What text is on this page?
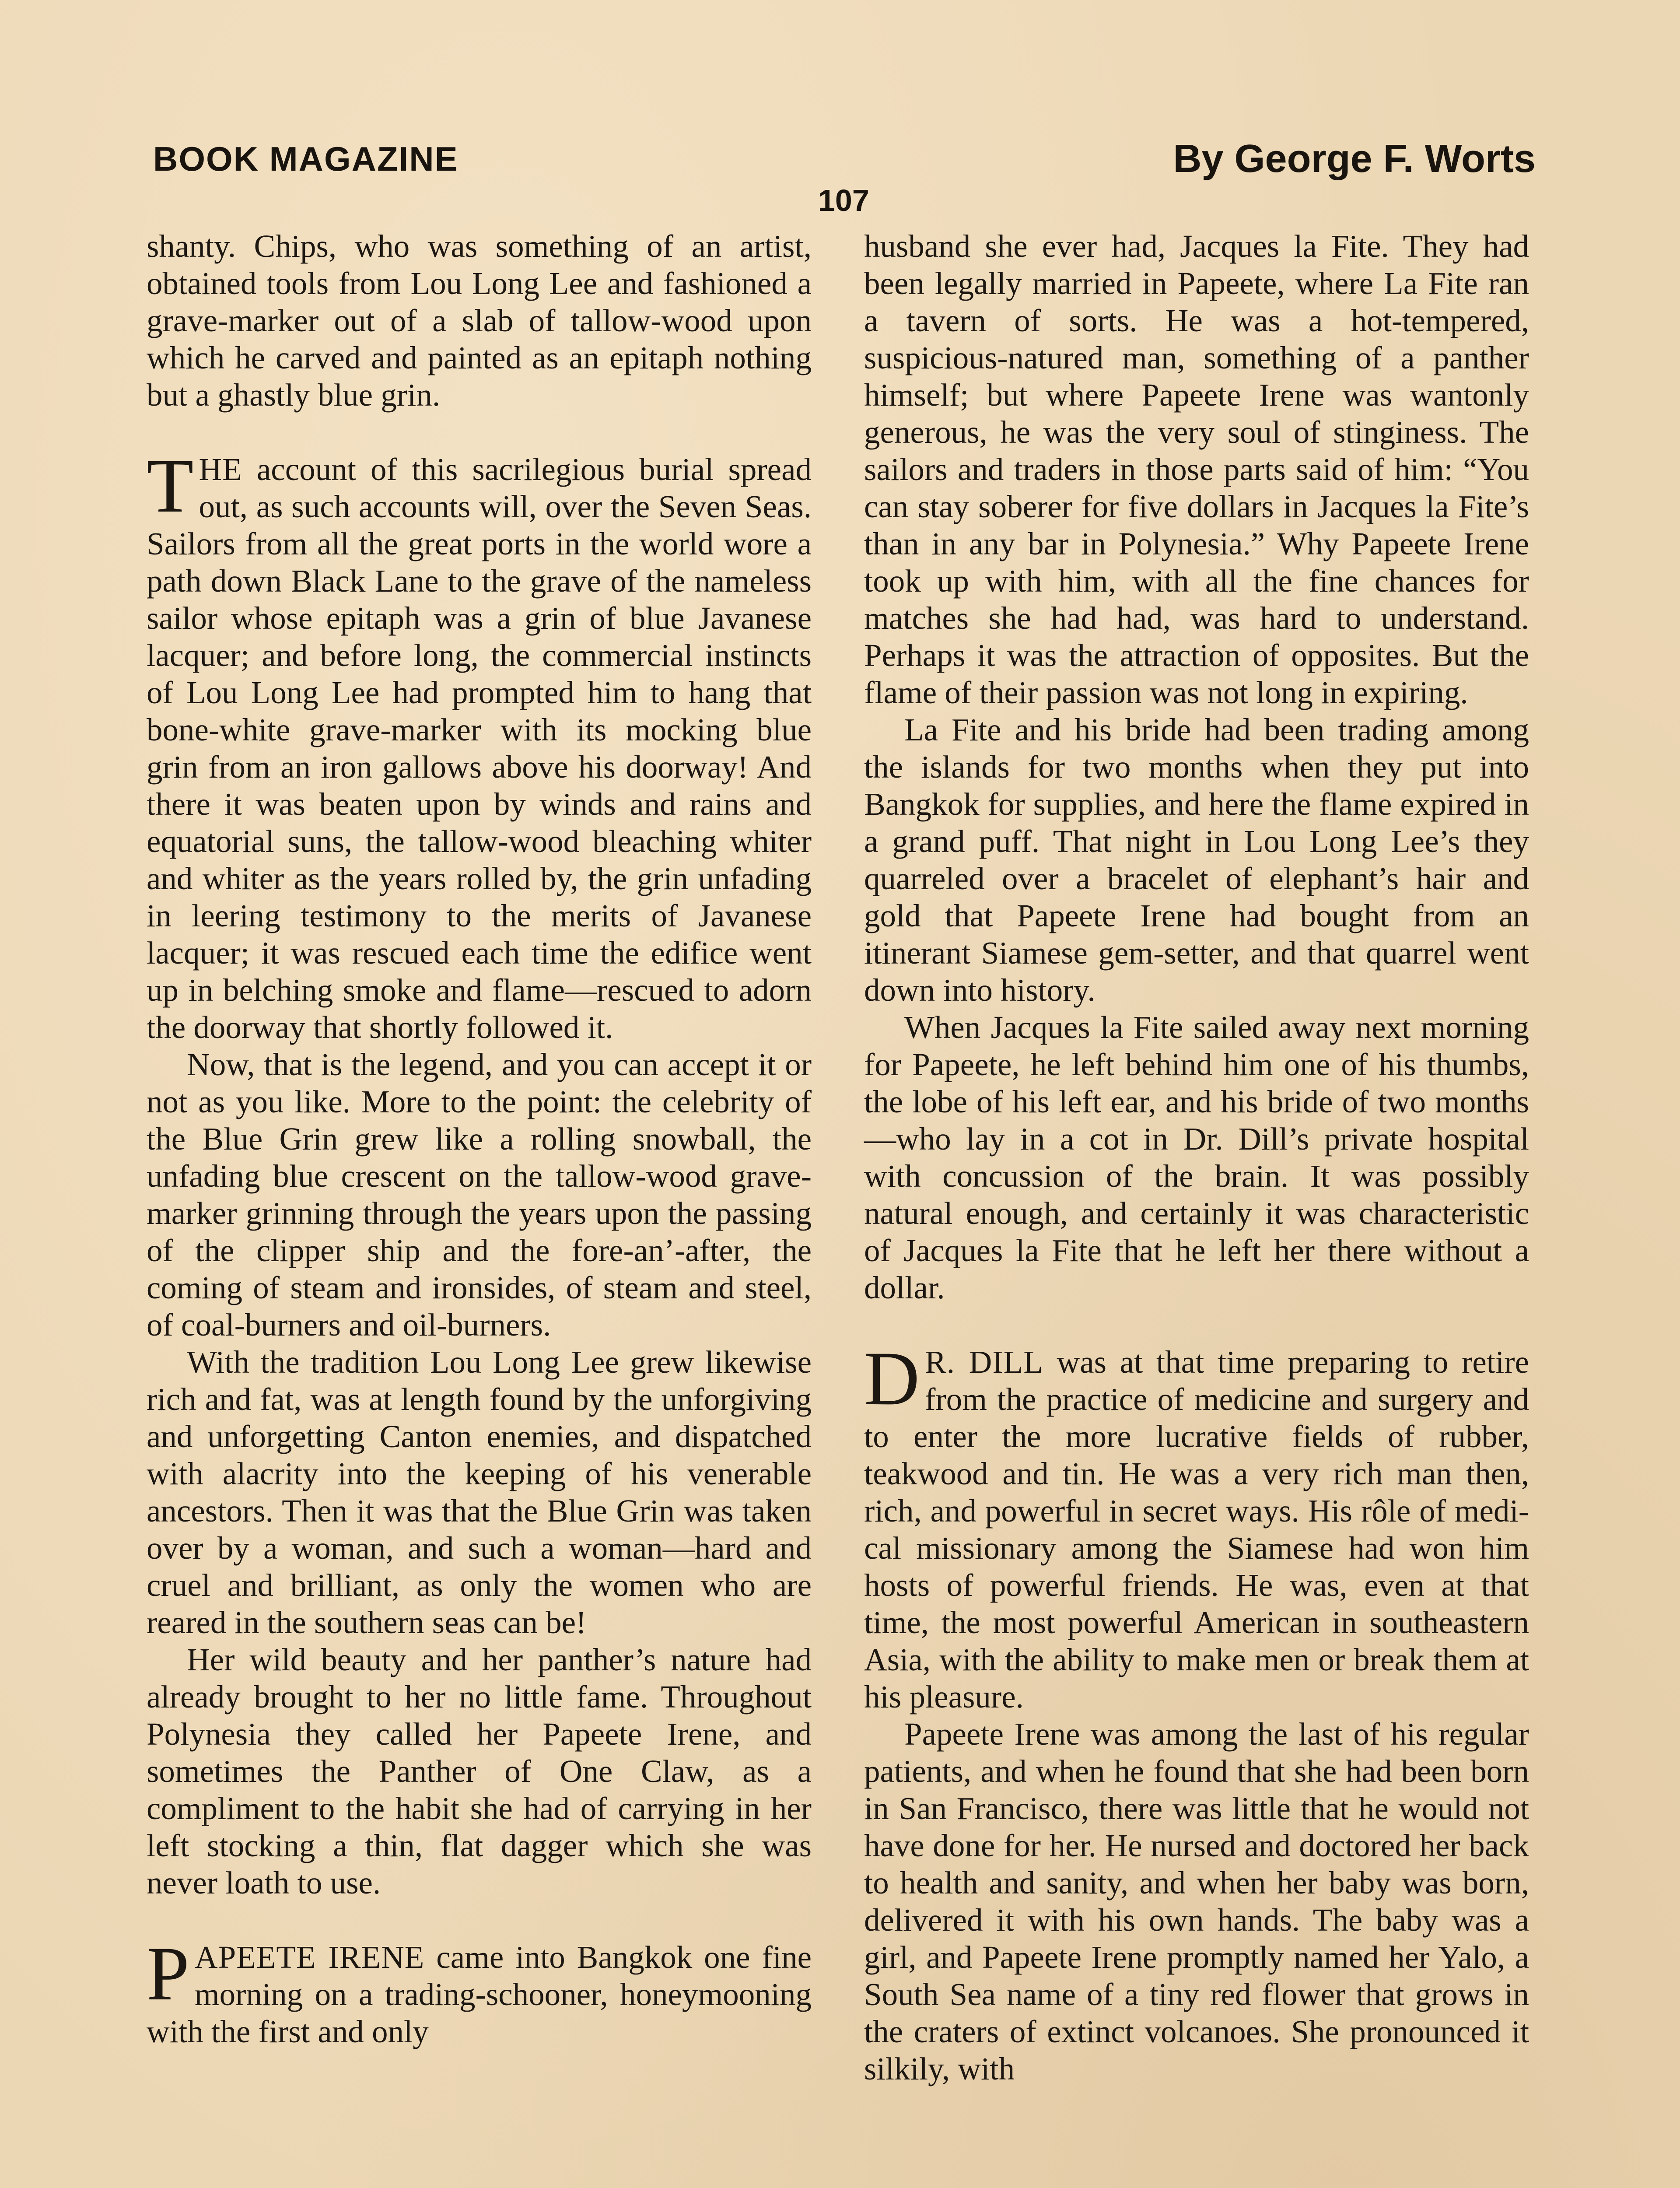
BOOK MAGAZINE	By George F. Worts
107

shanty. Chips, who was something of an artist, obtained tools from Lou Long Lee and fashioned a grave-marker out of a slab of tallow-wood upon which he carved and painted as an epitaph nothing but a ghastly blue grin.

THE account of this sacrilegious burial spread out, as such accounts will, over the Seven Seas. Sailors from all the great ports in the world wore a path down Black Lane to the grave of the nameless sailor whose epitaph was a grin of blue Javanese lacquer; and before long, the commercial instincts of Lou Long Lee had prompted him to hang that bone-white grave-marker with its mocking blue grin from an iron gallows above his doorway! And there it was beaten upon by winds and rains and equatorial suns, the tallow-wood bleaching whiter and whiter as the years rolled by, the grin unfading in leering testimony to the merits of Javanese lacquer; it was rescued each time the edifice went up in belching smoke and flame—rescued to adorn the doorway that shortly followed it.

Now, that is the legend, and you can accept it or not as you like. More to the point: the celebrity of the Blue Grin grew like a rolling snowball, the unfading blue crescent on the tallow-wood grave-marker grinning through the years upon the passing of the clipper ship and the fore-an’-after, the coming of steam and ironsides, of steam and steel, of coal-burners and oil-burners.

With the tradition Lou Long Lee grew likewise rich and fat, was at length found by the unforgiving and unforgetting Canton enemies, and dispatched with alacrity into the keeping of his venerable ancestors. Then it was that the Blue Grin was taken over by a woman, and such a woman—hard and cruel and brilliant, as only the women who are reared in the southern seas can be!

Her wild beauty and her panther’s nature had already brought to her no little fame. Throughout Polynesia they called her Papeete Irene, and sometimes the Panther of One Claw, as a compliment to the habit she had of carrying in her left stocking a thin, flat dagger which she was never loath to use.

PAPEETE IRENE came into Bangkok one fine morning on a trading-schooner, honeymooning with the first and only

husband she ever had, Jacques la Fite. They had been legally married in Papeete, where La Fite ran a tavern of sorts. He was a hot-tempered, suspicious-natured man, something of a panther himself; but where Papeete Irene was wantonly generous, he was the very soul of stinginess. The sailors and traders in those parts said of him: “You can stay soberer for five dollars in Jacques la Fite’s than in any bar in Polynesia.” Why Papeete Irene took up with him, with all the fine chances for matches she had had, was hard to understand. Perhaps it was the attraction of opposites. But the flame of their passion was not long in expiring.

La Fite and his bride had been trading among the islands for two months when they put into Bangkok for supplies, and here the flame expired in a grand puff. That night in Lou Long Lee’s they quarreled over a bracelet of elephant’s hair and gold that Papeete Irene had bought from an itinerant Siamese gem-setter, and that quarrel went down into history.

When Jacques la Fite sailed away next morning for Papeete, he left behind him one of his thumbs, the lobe of his left ear, and his bride of two months—who lay in a cot in Dr. Dill’s private hospital with concussion of the brain. It was possibly natural enough, and certainly it was characteristic of Jacques la Fite that he left her there without a dollar.

D R. DILL was at that time preparing to retire from the practice of medicine and surgery and to enter the more lucrative fields of rubber, teakwood and tin. He was a very rich man then, rich, and powerful in secret ways. His rôle of medical missionary among the Siamese had won him hosts of powerful friends. He was, even at that time, the most powerful American in southeastern Asia, with the ability to make men or break them at his pleasure.

Papeete Irene was among the last of his regular patients, and when he found that she had been born in San Francisco, there was little that he would not have done for her. He nursed and doctored her back to health and sanity, and when her baby was born, delivered it with his own hands. The baby was a girl, and Papeete Irene promptly named her Yalo, a South Sea name of a tiny red flower that grows in the craters of extinct volcanoes. She pronounced it silkily, with
